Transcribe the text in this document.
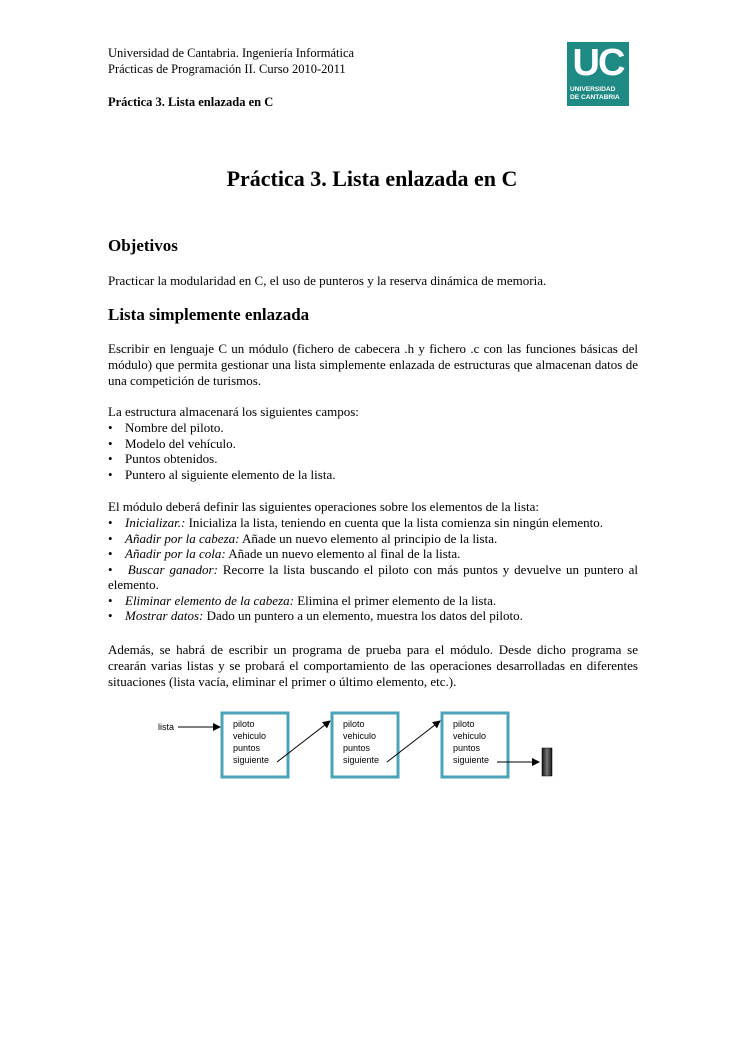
Universidad de Cantabria. Ingeniería Informática
Prácticas de Programación II. Curso 2010-2011
Práctica 3. Lista enlazada en C
UC
UNIVERSIDAD
DE CANTABRIA
Práctica 3. Lista enlazada en C
Objetivos
Practicar la modularidad en C, el uso de punteros y la reserva dinámica de memoria.
Lista simplemente enlazada
Escribir en lenguaje C un módulo (fichero de cabecera .h y fichero .c con las funciones básicas del módulo) que permita gestionar una lista simplemente enlazada de estructuras que almacenan datos de una competición de turismos.
La estructura almacenará los siguientes campos:
• Nombre del piloto.
• Modelo del vehículo.
• Puntos obtenidos.
• Puntero al siguiente elemento de la lista.
El módulo deberá definir las siguientes operaciones sobre los elementos de la lista:
• Inicializar.: Inicializa la lista, teniendo en cuenta que la lista comienza sin ningún elemento.
• Añadir por la cabeza: Añade un nuevo elemento al principio de la lista.
• Añadir por la cola: Añade un nuevo elemento al final de la lista.
• Buscar ganador: Recorre la lista buscando el piloto con más puntos y devuelve un puntero al elemento.
• Eliminar elemento de la cabeza: Elimina el primer elemento de la lista.
• Mostrar datos: Dado un puntero a un elemento, muestra los datos del piloto.
Además, se habrá de escribir un programa de prueba para el módulo. Desde dicho programa se crearán varias listas y se probará el comportamiento de las operaciones desarrolladas en diferentes situaciones (lista vacía, eliminar el primer o último elemento, etc.).
lista	piloto
vehiculo
puntos
siguiente
piloto
vehiculo
puntos
siguiente
piloto
vehiculo
puntos
siguiente
